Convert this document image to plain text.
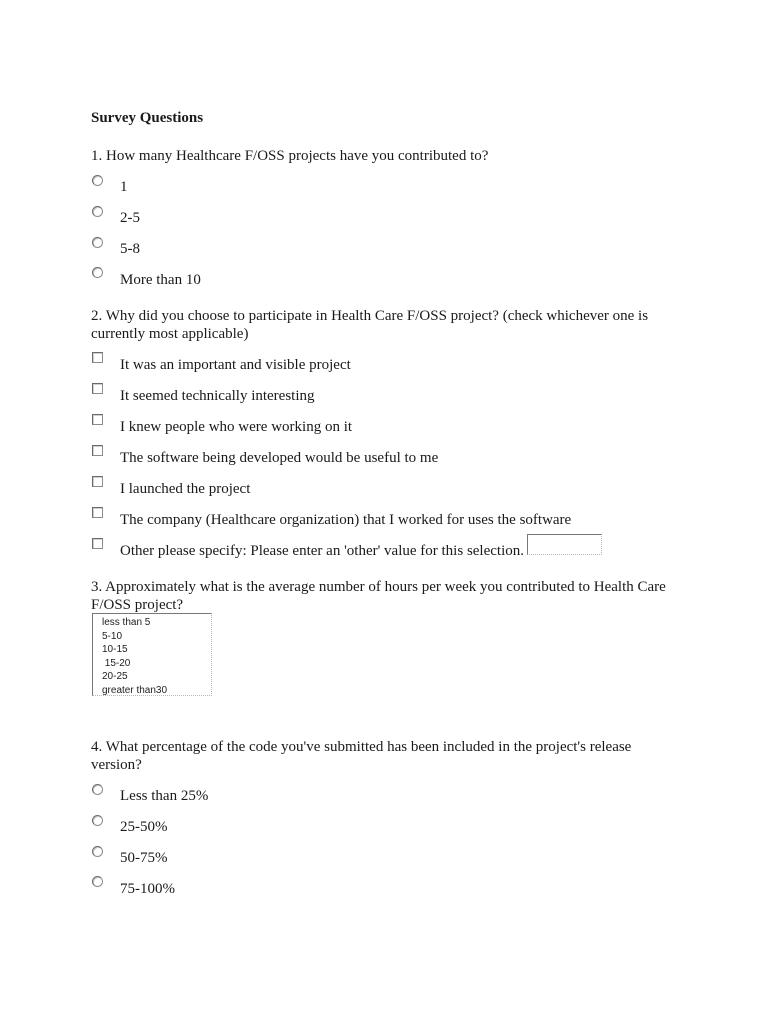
Survey Questions
1. How many Healthcare F/OSS projects have you contributed to?
1
2-5
5-8
More than 10
2. Why did you choose to participate in Health Care F/OSS project? (check whichever one is
currently most applicable)
It was an important and visible project
It seemed technically interesting
I knew people who were working on it
The software being developed would be useful to me
I launched the project
The company (Healthcare organization) that I worked for uses the software
Other please specify: Please enter an 'other' value for this selection.
3. Approximately what is the average number of hours per week you contributed to Health Care
F/OSS project?
less than 5
5-10
10-15
15-20
20-25
greater than30
4. What percentage of the code you've submitted has been included in the project's release
version?
Less than 25%
25-50%
50-75%
75-100%
